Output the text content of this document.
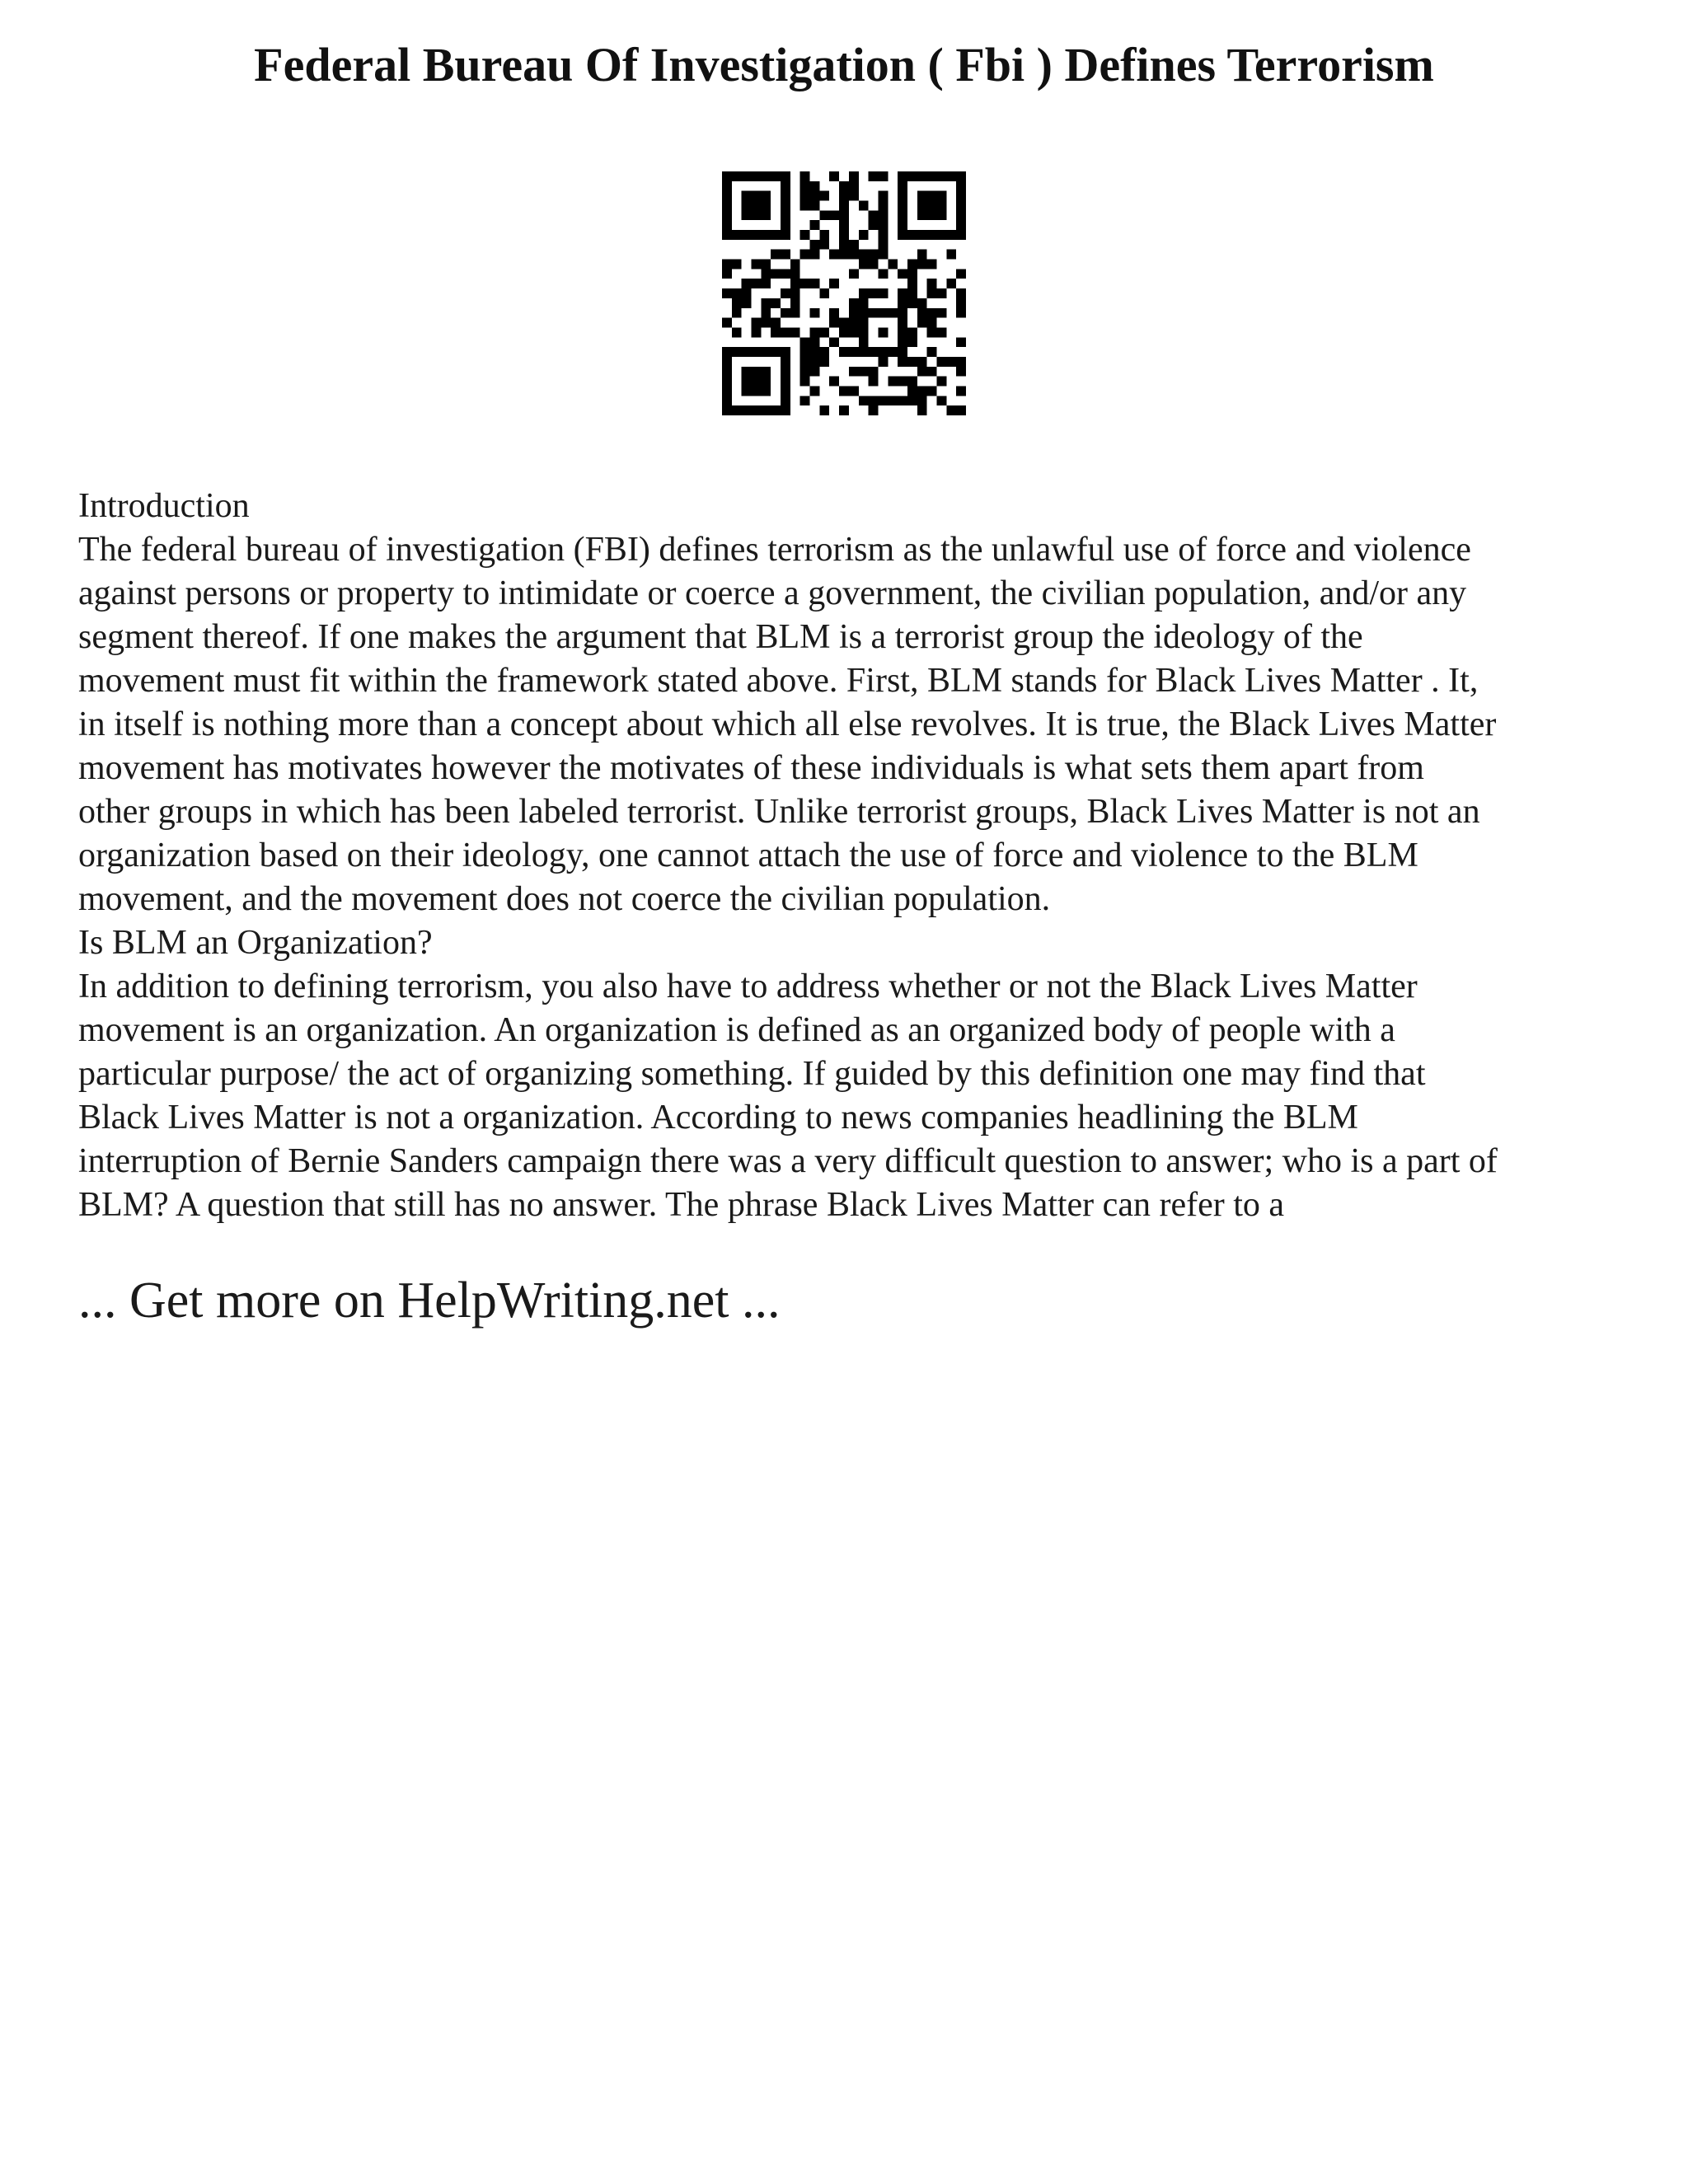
Federal Bureau Of Investigation ( Fbi ) Defines Terrorism
Introduction
The federal bureau of investigation (FBI) defines terrorism as the unlawful use of force and violence
against persons or property to intimidate or coerce a government, the civilian population, and/or any
segment thereof. If one makes the argument that BLM is a terrorist group the ideology of the
movement must fit within the framework stated above. First, BLM stands for Black Lives Matter . It,
in itself is nothing more than a concept about which all else revolves. It is true, the Black Lives Matter
movement has motivates however the motivates of these individuals is what sets them apart from
other groups in which has been labeled terrorist. Unlike terrorist groups, Black Lives Matter is not an
organization based on their ideology, one cannot attach the use of force and violence to the BLM
movement, and the movement does not coerce the civilian population.
Is BLM an Organization?
In addition to defining terrorism, you also have to address whether or not the Black Lives Matter
movement is an organization. An organization is defined as an organized body of people with a
particular purpose/ the act of organizing something. If guided by this definition one may find that
Black Lives Matter is not a organization. According to news companies headlining the BLM
interruption of Bernie Sanders campaign there was a very difficult question to answer; who is a part of
BLM? A question that still has no answer. The phrase Black Lives Matter can refer to a
... Get more on HelpWriting.net ...
